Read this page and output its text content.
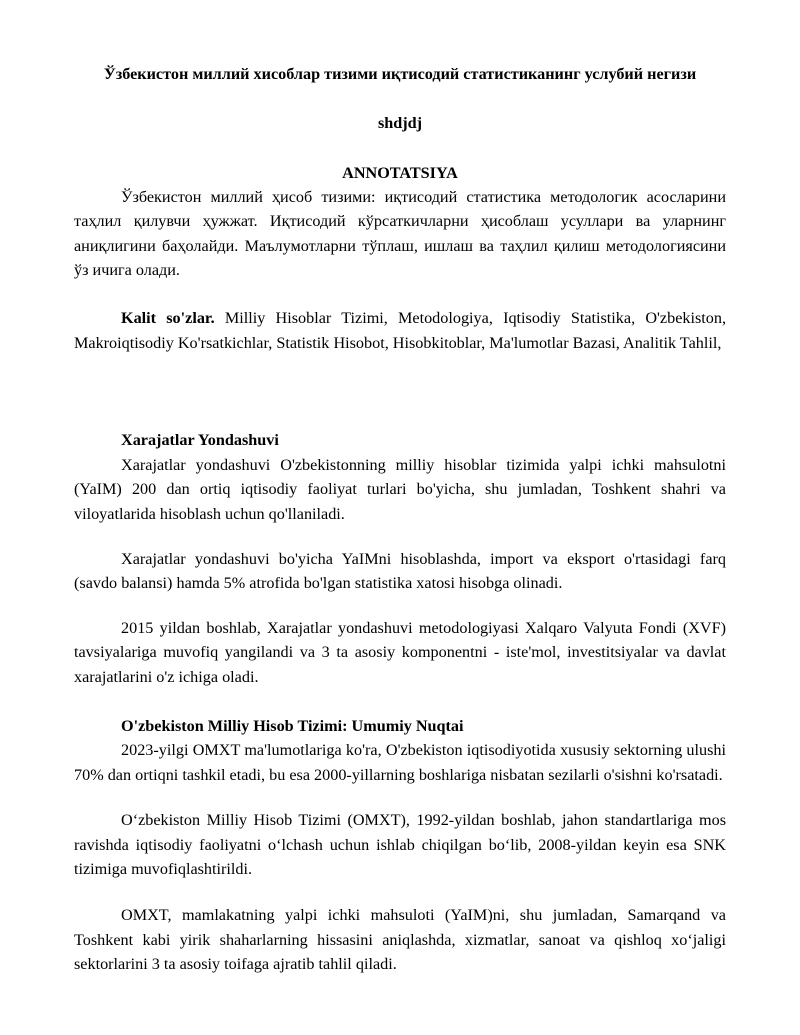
Ўзбекистон миллий хисоблар тизими иқтисодий статистиканинг услубий негизи
shdjdj
ANNOTATSIYA

Ўзбекистон миллий ҳисоб тизими: иқтисодий статистика методологик асосларини таҳлил қилувчи ҳужжат. Иқтисодий кўрсаткичларни ҳисоблаш усуллари ва уларнинг аниқлигини баҳолайди. Маълумотларни тўплаш, ишлаш ва таҳлил қилиш методологиясини ўз ичига олади.

Kalit so'zlar. Milliy Hisoblar Tizimi, Metodologiya, Iqtisodiy Statistika, O'zbekiston, Makroiqtisodiy Ko'rsatkichlar, Statistik Hisobot, Hisobkitoblar, Ma'lumotlar Bazasi, Analitik Tahlil,

Xarajatlar Yondashuvi

Xarajatlar yondashuvi O'zbekistonning milliy hisoblar tizimida yalpi ichki mahsulotni (YaIM) 200 dan ortiq iqtisodiy faoliyat turlari bo'yicha, shu jumladan, Toshkent shahri va viloyatlarida hisoblash uchun qo'llaniladi.

Xarajatlar yondashuvi bo'yicha YaIMni hisoblashda, import va eksport o'rtasidagi farq (savdo balansi) hamda 5% atrofida bo'lgan statistika xatosi hisobga olinadi.

2015 yildan boshlab, Xarajatlar yondashuvi metodologiyasi Xalqaro Valyuta Fondi (XVF) tavsiyalariga muvofiq yangilandi va 3 ta asosiy komponentni - iste'mol, investitsiyalar va davlat xarajatlarini o'z ichiga oladi.

O'zbekiston Milliy Hisob Tizimi: Umumiy Nuqtai

2023-yilgi OMXT ma'lumotlariga ko'ra, O'zbekiston iqtisodiyotida xususiy sektorning ulushi 70% dan ortiqni tashkil etadi, bu esa 2000-yillarning boshlariga nisbatan sezilarli o'sishni ko'rsatadi.

O‘zbekiston Milliy Hisob Tizimi (OMXT), 1992-yildan boshlab, jahon standartlariga mos ravishda iqtisodiy faoliyatni o‘lchash uchun ishlab chiqilgan bo‘lib, 2008-yildan keyin esa SNK tizimiga muvofiqlashtirildi.

OMXT, mamlakatning yalpi ichki mahsuloti (YaIM)ni, shu jumladan, Samarqand va Toshkent kabi yirik shaharlarning hissasini aniqlashda, xizmatlar, sanoat va qishloq xo‘jaligi sektorlarini 3 ta asosiy toifaga ajratib tahlil qiladi.
